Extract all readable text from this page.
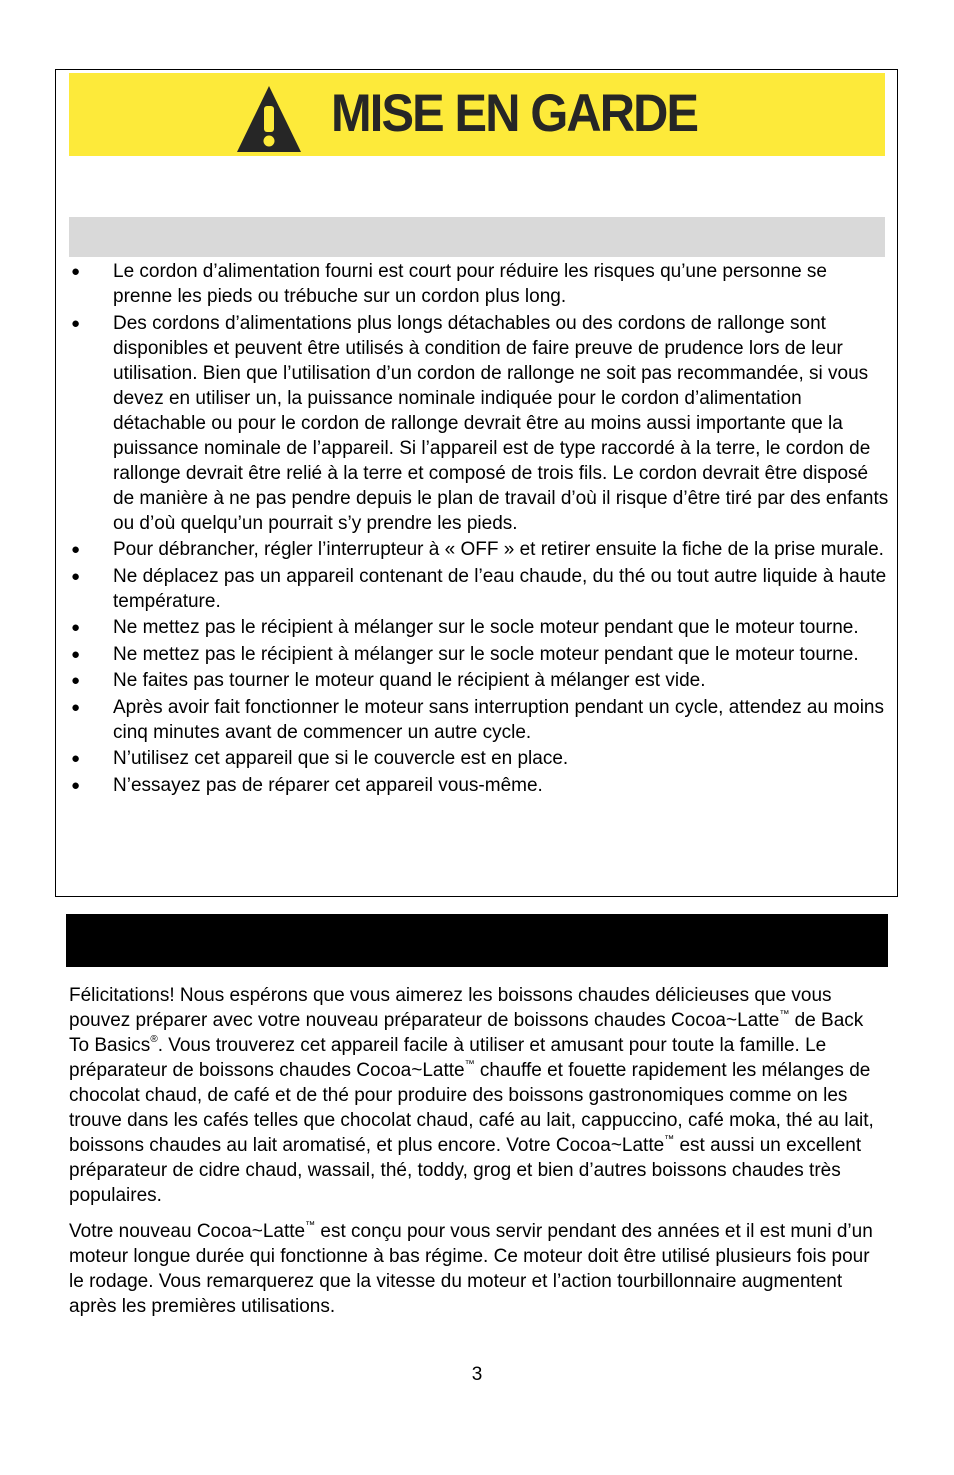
MISE EN GARDE
● Le cordon d’alimentation fourni est court pour réduire les risques qu’une personne se prenne les pieds ou trébuche sur un cordon plus long.
● Des cordons d’alimentations plus longs détachables ou des cordons de rallonge sont disponibles et peuvent être utilisés à condition de faire preuve de prudence lors de leur utilisation. Bien que l’utilisation d’un cordon de rallonge ne soit pas recommandée, si vous devez en utiliser un, la puissance nominale indiquée pour le cordon d’alimentation détachable ou pour le cordon de rallonge devrait être au moins aussi importante que la puissance nominale de l’appareil. Si l’appareil est de type raccordé à la terre, le cordon de rallonge devrait être relié à la terre et composé de trois fils. Le cordon devrait être disposé de manière à ne pas pendre depuis le plan de travail d’où il risque d’être tiré par des enfants ou d’où quelqu’un pourrait s’y prendre les pieds.
● Pour débrancher, régler l’interrupteur à « OFF » et retirer ensuite la fiche de la prise murale.
● Ne déplacez pas un appareil contenant de l’eau chaude, du thé ou tout autre liquide à haute température.
● Ne mettez pas le récipient à mélanger sur le socle moteur pendant que le moteur tourne.
● Ne mettez pas le récipient à mélanger sur le socle moteur pendant que le moteur tourne.
● Ne faites pas tourner le moteur quand le récipient à mélanger est vide.
● Après avoir fait fonctionner le moteur sans interruption pendant un cycle, attendez au moins cinq minutes avant de commencer un autre cycle.
● N’utilisez cet appareil que si le couvercle est en place.
● N’essayez pas de réparer cet appareil vous-même.

Félicitations! Nous espérons que vous aimerez les boissons chaudes délicieuses que vous pouvez préparer avec votre nouveau préparateur de boissons chaudes Cocoa~Latte™ de Back To Basics®. Vous trouverez cet appareil facile à utiliser et amusant pour toute la famille. Le préparateur de boissons chaudes Cocoa~Latte™ chauffe et fouette rapidement les mélanges de chocolat chaud, de café et de thé pour produire des boissons gastronomiques comme on les trouve dans les cafés telles que chocolat chaud, café au lait, cappuccino, café moka, thé au lait, boissons chaudes au lait aromatisé, et plus encore. Votre Cocoa~Latte™ est aussi un excellent préparateur de cidre chaud, wassail, thé, toddy, grog et bien d’autres boissons chaudes très populaires.

Votre nouveau Cocoa~Latte™ est conçu pour vous servir pendant des années et il est muni d’un moteur longue durée qui fonctionne à bas régime. Ce moteur doit être utilisé plusieurs fois pour le rodage. Vous remarquerez que la vitesse du moteur et l’action tourbillonnaire augmentent après les premières utilisations.

3
